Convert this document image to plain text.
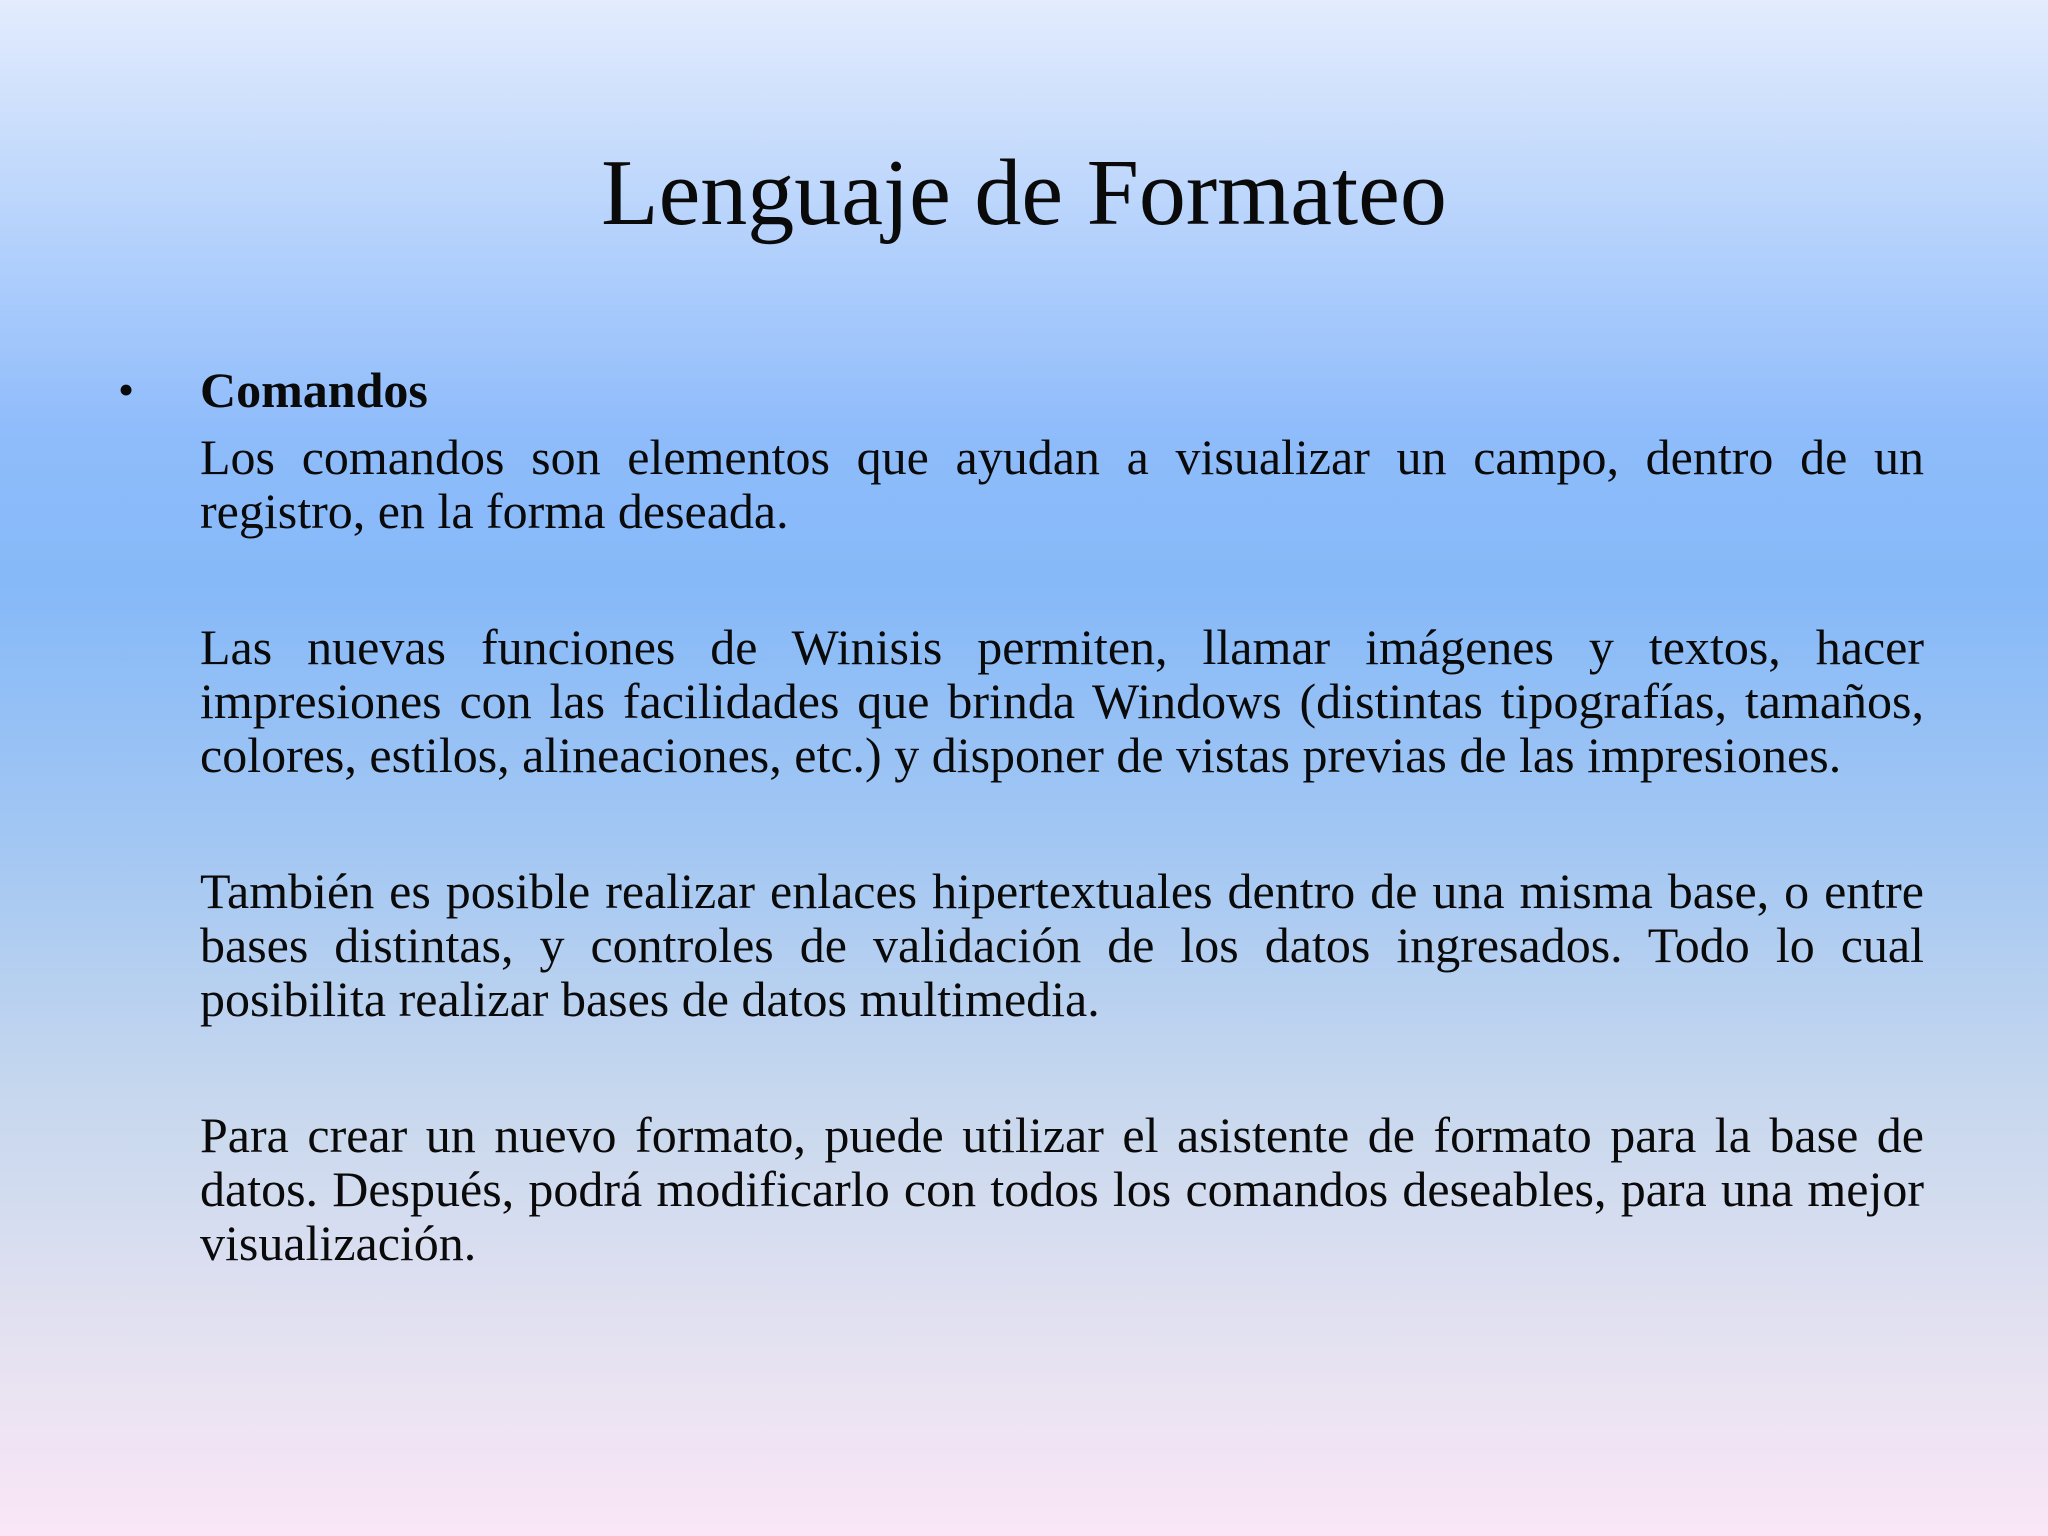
Lenguaje de Formateo
• Comandos

Los comandos son elementos que ayudan a visualizar un campo, dentro de un registro, en la forma deseada.

Las nuevas funciones de Winisis permiten, llamar imágenes y textos, hacer impresiones con las facilidades que brinda Windows (distintas tipografías, tamaños, colores, estilos, alineaciones, etc.) y disponer de vistas previas de las impresiones.

También es posible realizar enlaces hipertextuales dentro de una misma base, o entre bases distintas, y controles de validación de los datos ingresados. Todo lo cual posibilita realizar bases de datos multimedia.

Para crear un nuevo formato, puede utilizar el asistente de formato para la base de datos. Después, podrá modificarlo con todos los comandos deseables, para una mejor visualización.
